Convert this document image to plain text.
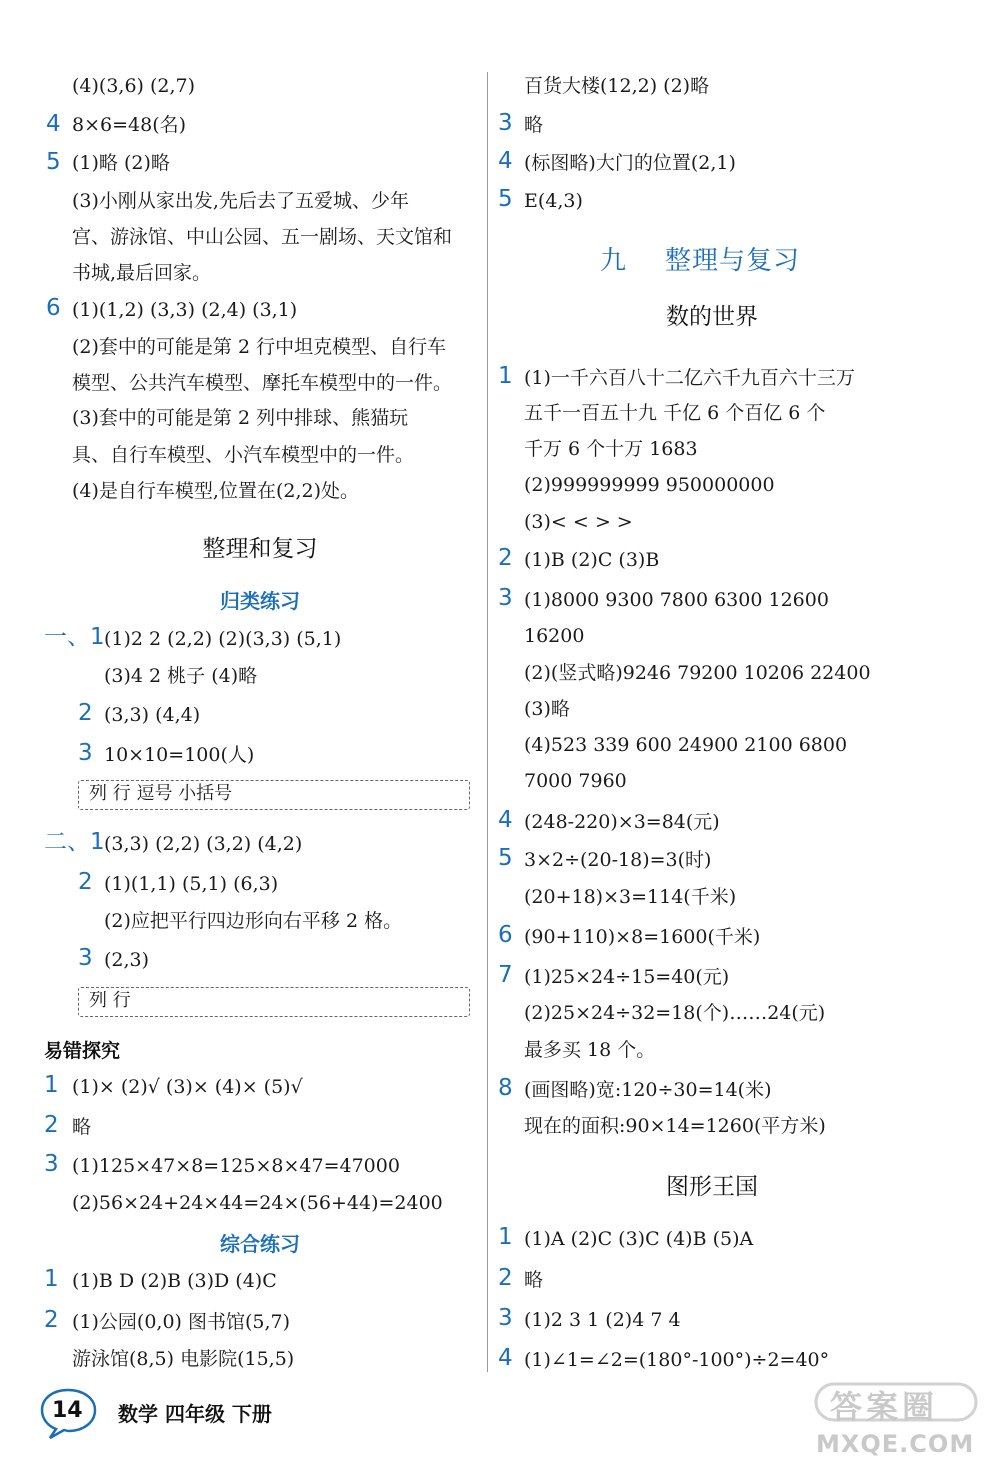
(4)(3,6) (2,7)
4 8×6=48(名)
5 (1)略 (2)略
(3)小刚从家出发,先后去了五爱城、少年
宫、游泳馆、中山公园、五一剧场、天文馆和
书城,最后回家。
6 (1)(1,2) (3,3) (2,4) (3,1)
(2)套中的可能是第 2 行中坦克模型、自行车
模型、公共汽车模型、摩托车模型中的一件。
(3)套中的可能是第 2 列中排球、熊猫玩
具、自行车模型、小汽车模型中的一件。
(4)是自行车模型,位置在(2,2)处。
整理和复习
归类练习
一、1 (1)2 2 (2,2) (2)(3,3) (5,1)
(3)4 2 桃子 (4)略
2 (3,3) (4,4)
3 10×10=100(人)
列 行 逗号 小括号
二、1 (3,3) (2,2) (3,2) (4,2)
2 (1)(1,1) (5,1) (6,3)
(2)应把平行四边形向右平移 2 格。
3 (2,3)
列 行
易错探究
1 (1)× (2)√ (3)× (4)× (5)√
2 略
3 (1)125×47×8=125×8×47=47000
(2)56×24+24×44=24×(56+44)=2400
综合练习
1 (1)B D (2)B (3)D (4)C
2 (1)公园(0,0) 图书馆(5,7)
游泳馆(8,5) 电影院(15,5)
百货大楼(12,2) (2)略
3 略
4 (标图略)大门的位置(2,1)
5 E(4,3)
九 整理与复习
数的世界
1 (1)一千六百八十二亿六千九百六十三万
五千一百五十九 千亿 6 个百亿 6 个
千万 6 个十万 1683
(2)999999999 950000000
(3)< < > >
2 (1)B (2)C (3)B
3 (1)8000 9300 7800 6300 12600
16200
(2)(竖式略)9246 79200 10206 22400
(3)略
(4)523 339 600 24900 2100 6800
7000 7960
4 (248-220)×3=84(元)
5 3×2÷(20-18)=3(时)
(20+18)×3=114(千米)
6 (90+110)×8=1600(千米)
7 (1)25×24÷15=40(元)
(2)25×24÷32=18(个)……24(元)
最多买 18 个。
8 (画图略)宽:120÷30=14(米)
现在的面积:90×14=1260(平方米)
图形王国
1 (1)A (2)C (3)C (4)B (5)A
2 略
3 (1)2 3 1 (2)4 7 4
4 (1)∠1=∠2=(180°-100°)÷2=40°
14 数学 四年级 下册	答案圈
MXQE.COM
